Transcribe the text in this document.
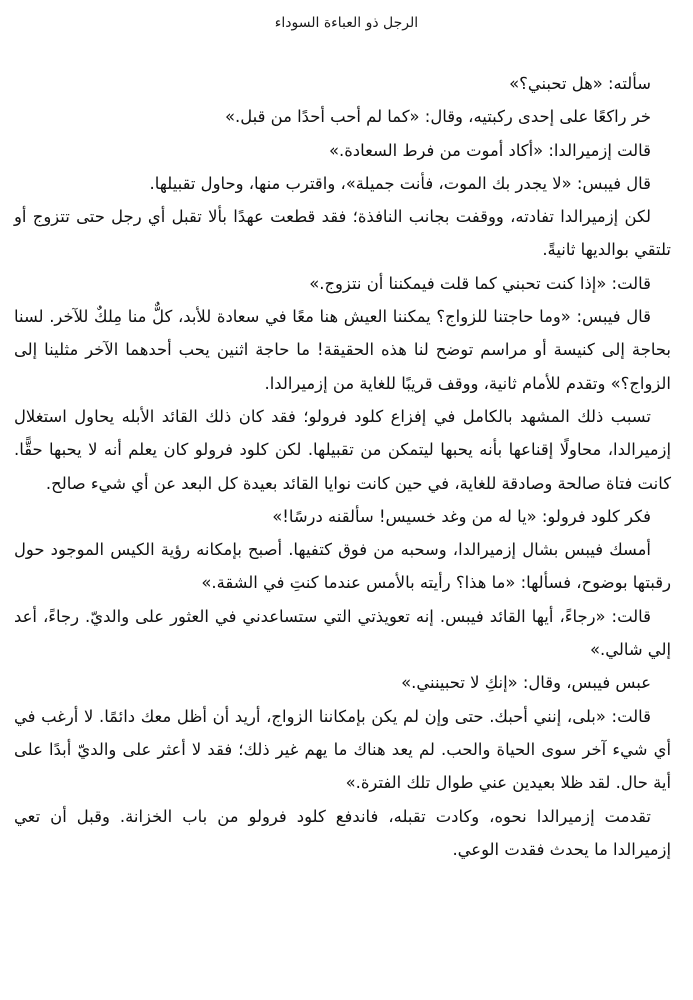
الرجل ذو العباءة السوداء

سألته: «هل تحبني؟»

خر راكعًا على إحدى ركبتيه، وقال: «كما لم أحب أحدًا من قبل.»

قالت إزميرالدا: «أكاد أموت من فرط السعادة.»

قال فيبس: «لا يجدر بك الموت، فأنت جميلة»، واقترب منها، وحاول تقبيلها.

لكن إزميرالدا تفادته، ووقفت بجانب النافذة؛ فقد قطعت عهدًا بألا تقبل أي رجل حتى تتزوج أو تلتقي بوالديها ثانيةً.

قالت: «إذا كنت تحبني كما قلت فيمكننا أن نتزوج.»

قال فيبس: «وما حاجتنا للزواج؟ يمكننا العيش هنا معًا في سعادة للأبد، كلٌّ منا مِلكٌ للآخر. لسنا بحاجة إلى كنيسة أو مراسم توضح لنا هذه الحقيقة! ما حاجة اثنين يحب أحدهما الآخر مثلينا إلى الزواج؟» وتقدم للأمام ثانية، ووقف قريبًا للغاية من إزميرالدا.

تسبب ذلك المشهد بالكامل في إفزاع كلود فرولو؛ فقد كان ذلك القائد الأبله يحاول استغلال إزميرالدا، محاولًا إقناعها بأنه يحبها ليتمكن من تقبيلها. لكن كلود فرولو كان يعلم أنه لا يحبها حقًّا. كانت فتاة صالحة وصادقة للغاية، في حين كانت نوايا القائد بعيدة كل البعد عن أي شيء صالح.

فكر كلود فرولو: «يا له من وغد خسيس! سألقنه درسًا!»

أمسك فيبس بشال إزميرالدا، وسحبه من فوق كتفيها. أصبح بإمكانه رؤية الكيس الموجود حول رقبتها بوضوح، فسألها: «ما هذا؟ رأيته بالأمس عندما كنتِ في الشقة.»

قالت: «رجاءً، أيها القائد فيبس. إنه تعويذتي التي ستساعدني في العثور على والديّ. رجاءً، أعد إلي شالي.»

عبس فيبس، وقال: «إنكِ لا تحبينني.»

قالت: «بلى، إنني أحبك. حتى وإن لم يكن بإمكاننا الزواج، أريد أن أظل معك دائمًا. لا أرغب في أي شيء آخر سوى الحياة والحب. لم يعد هناك ما يهم غير ذلك؛ فقد لا أعثر على والديّ أبدًا على أية حال. لقد ظلا بعيدين عني طوال تلك الفترة.»

تقدمت إزميرالدا نحوه، وكادت تقبله، فاندفع كلود فرولو من باب الخزانة. وقبل أن تعي إزميرالدا ما يحدث فقدت الوعي.
